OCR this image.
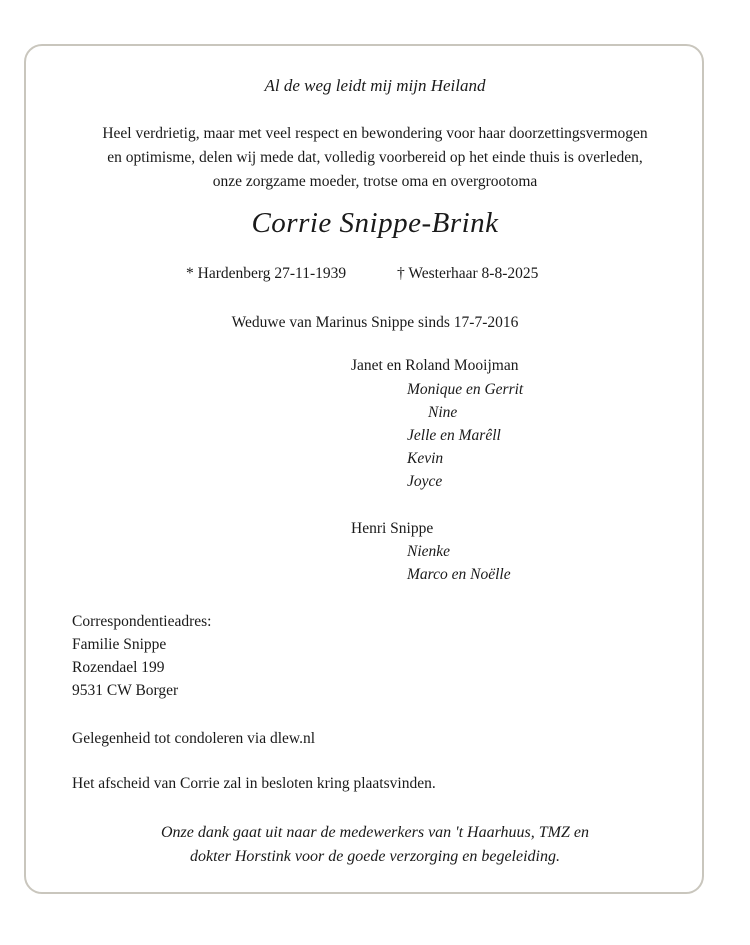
Al de weg leidt mij mijn Heiland
Heel verdrietig, maar met veel respect en bewondering voor haar doorzettingsvermogen
en optimisme, delen wij mede dat, volledig voorbereid op het einde thuis is overleden,
onze zorgzame moeder, trotse oma en overgrootoma
Corrie Snippe-Brink
* Hardenberg 27-11-1939	† Westerhaar 8-8-2025
Weduwe van Marinus Snippe sinds 17-7-2016
Janet en Roland Mooijman
Monique en Gerrit
Nine
Jelle en Marêll
Kevin
Joyce
Henri Snippe
Nienke
Marco en Noëlle
Correspondentieadres:
Familie Snippe
Rozendael 199
9531 CW Borger
Gelegenheid tot condoleren via dlew.nl
Het afscheid van Corrie zal in besloten kring plaatsvinden.
Onze dank gaat uit naar de medewerkers van 't Haarhuus, TMZ en
dokter Horstink voor de goede verzorging en begeleiding.
